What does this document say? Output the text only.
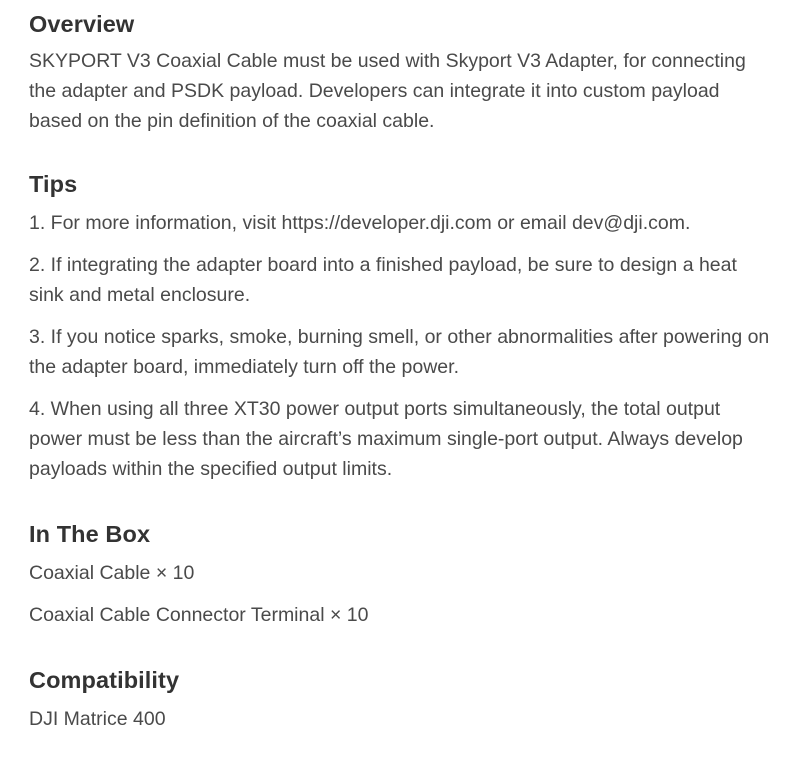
Overview

SKYPORT V3 Coaxial Cable must be used with Skyport V3 Adapter, for connecting the adapter and PSDK payload. Developers can integrate it into custom payload based on the pin definition of the coaxial cable.

Tips

1. For more information, visit https://developer.dji.com or email dev@dji.com.

2. If integrating the adapter board into a finished payload, be sure to design a heat sink and metal enclosure.

3. If you notice sparks, smoke, burning smell, or other abnormalities after powering on the adapter board, immediately turn off the power.

4. When using all three XT30 power output ports simultaneously, the total output power must be less than the aircraft’s maximum single-port output. Always develop payloads within the specified output limits.

In The Box

Coaxial Cable × 10

Coaxial Cable Connector Terminal × 10

Compatibility

DJI Matrice 400
